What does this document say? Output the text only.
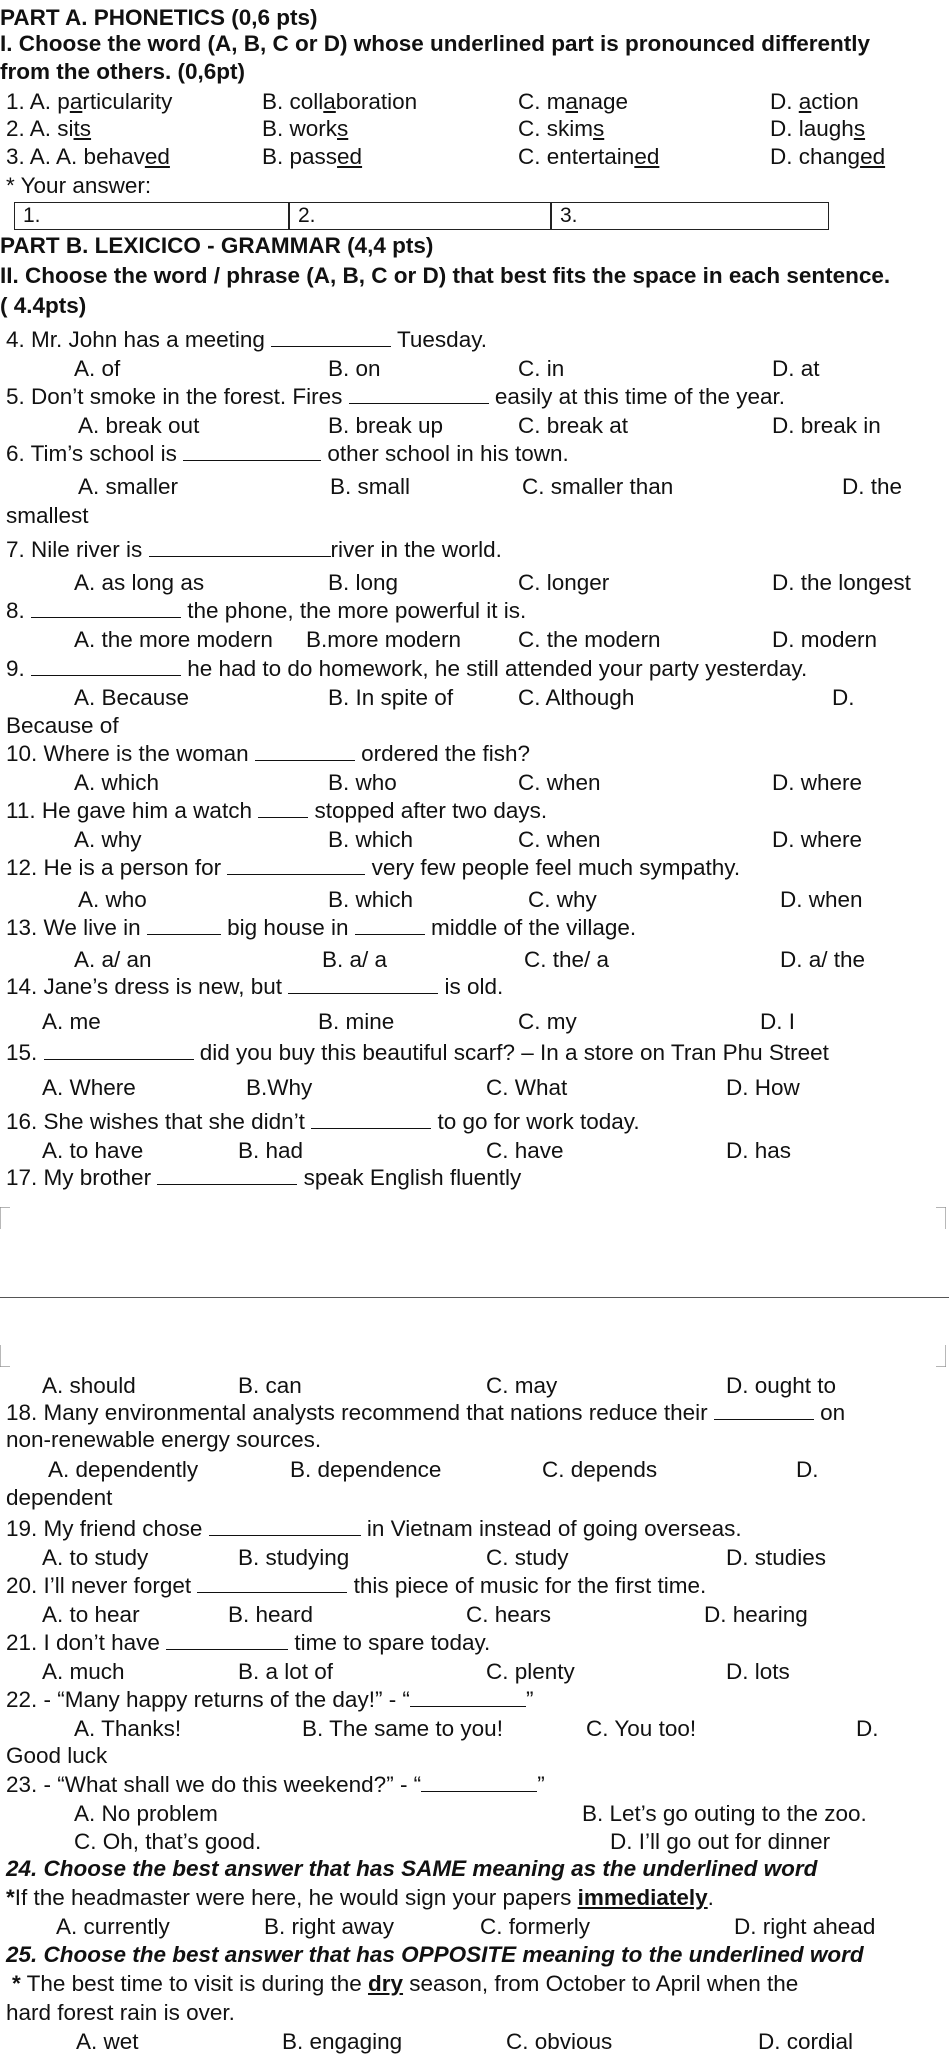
PART A. PHONETICS (0,6 pts)
I. Choose the word (A, B, C or D) whose underlined part is pronounced differently
from the others. (0,6pt)
1. A. particularity	B. collaboration	C. manage	D. action
2. A. sits	B. works	C. skims	D. laughs
3. A. A. behaved	B. passed	C. entertained	D. changed
* Your answer:
1.	2.	3.
PART B. LEXICICO - GRAMMAR (4,4 pts)
II. Choose the word / phrase (A, B, C or D) that best fits the space in each sentence.
( 4.4pts)
4. Mr. John has a meeting	Tuesday.
A. of	B. on	C. in	D. at
5. Don’t smoke in the forest. Fires	easily at this time of the year.
A. break out	B. break up	C. break at	D. break in
6. Tim’s school is	other school in his town.
A. smaller	B. small	C. smaller than	D. the
smallest
7. Nile river is	river in the world.
A. as long as	B. long	C. longer	D. the longest
8.	the phone, the more powerful it is.
A. the more modern B.more modern	C. the modern	D. modern
9.	he had to do homework, he still attended your party yesterday.
A. Because	B. In spite of	C. Although	D.
Because of
10. Where is the woman	ordered the fish?
A. which	B. who	C. when	D. where
11. He gave him a watch  stopped after two days.
A. why	B. which	C. when	D. where
12. He is a person for	very few people feel much sympathy.
A. who	B. which	C. why	D. when
13. We live in	big house in	middle of the village.
A. a/ an	B. a/ a	C. the/ a	D. a/ the
14. Jane’s dress is new, but	is old.
A. me	B. mine	C. my	D. I
15.	did you buy this beautiful scarf? – In a store on Tran Phu Street
A. Where	B.Why	C. What	D. How
16. She wishes that she didn’t	to go for work today.
A. to have	B. had	C. have	D. has
17. My brother	speak English fluently
A. should	B. can	C. may	D. ought to
18. Many environmental analysts recommend that nations reduce their	on
non-renewable energy sources.
A. dependently	B. dependence	C. depends	D.
dependent
19. My friend chose	in Vietnam instead of going overseas.
A. to study	B. studying	C. study	D. studies
20. I’ll never forget	this piece of music for the first time.
A. to hear	B. heard	C. hears	D. hearing
21. I don’t have	time to spare today.
A. much	B. a lot of	C. plenty	D. lots
22. - “Many happy returns of the day!” - “	”
A. Thanks!	B. The same to you!	C. You too!	D.
Good luck
23. - “What shall we do this weekend?” - “	”
A. No problem	B. Let’s go outing to the zoo.
C. Oh, that’s good.	D. I’ll go out for dinner
24. Choose the best answer that has SAME meaning as the underlined word
*If the headmaster were here, he would sign your papers immediately.
A. currently	B. right away	C. formerly	D. right ahead
25. Choose the best answer that has OPPOSITE meaning to the underlined word
* The best time to visit is during the dry season, from October to April when the
hard forest rain is over.
A. wet	B. engaging	C. obvious	D. cordial
